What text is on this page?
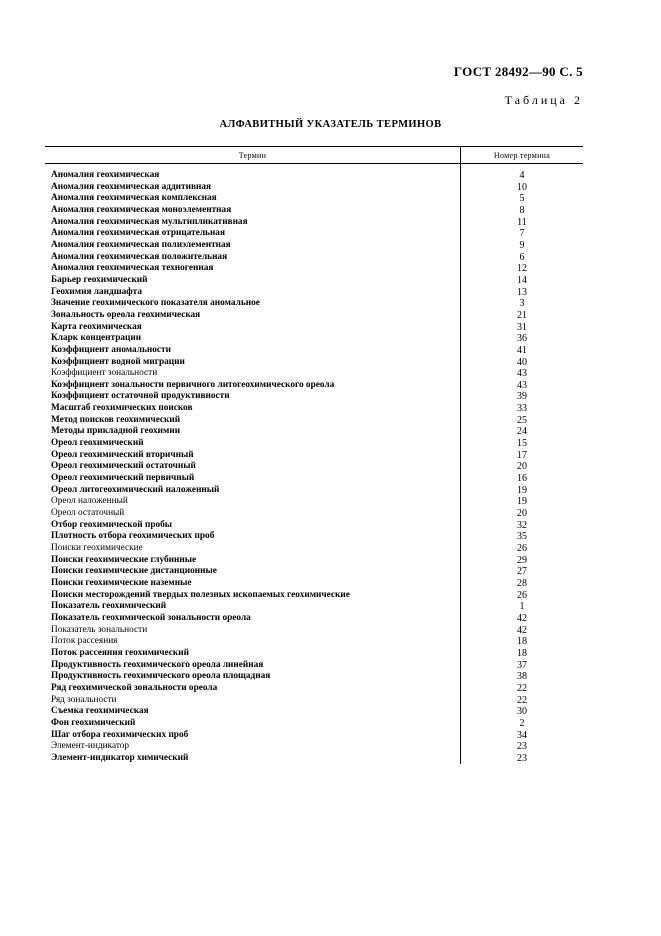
ГОСТ 28492—90 С. 5
Таблица 2
АЛФАВИТНЫЙ УКАЗАТЕЛЬ ТЕРМИНОВ
Термин	Номер термина

Аномалия геохимическая	4
Аномалия геохимическая аддитивная	10
Аномалия геохимическая комплексная	5
Аномалия геохимическая моноэлементная	8
Аномалия геохимическая мультипликативная	11
Аномалия геохимическая отрицательная	7
Аномалия геохимическая полиэлементная	9
Аномалия геохимическая положительная	6
Аномалия геохимическая техногенная	12
Барьер геохимический	14
Геохимия ландшафта	13
Значение геохимического показателя аномальное	3
Зональность ореола геохимическая	21
Карта геохимическая	31
Кларк концентрации	36
Коэффициент аномальности	41
Коэффициент водной миграции	40
Коэффициент зональности	43
Коэффициент зональности первичного литогеохимического ореола	43
Коэффициент остаточной продуктивности	39
Масштаб геохимических поисков	33
Метод поисков геохимический	25
Методы прикладной геохимии	24
Ореол геохимический	15
Ореол геохимический вторичный	17
Ореол геохимический остаточный	20
Ореол геохимический первичный	16
Ореол литогеохимический наложенный	19
Ореол наложенный	19
Ореол остаточный	20
Отбор геохимической пробы	32
Плотность отбора геохимических проб	35
Поиски геохимические	26
Поиски геохимические глубинные	29
Поиски геохимические дистанционные	27
Поиски геохимические наземные	28
Поиски месторождений твердых полезных ископаемых геохимические	26
Показатель геохимический	1
Показатель геохимической зональности ореола	42
Показатель зональности	42
Поток рассеяния	18
Поток рассеяния геохимический	18
Продуктивность геохимического ореола линейная	37
Продуктивность геохимического ореола площадная	38
Ряд геохимической зональности ореола	22
Ряд зональности	22
Съемка геохимическая	30
Фон геохимический	2
Шаг отбора геохимических проб	34
Элемент-индикатор	23
Элемент-индикатор химический	23
